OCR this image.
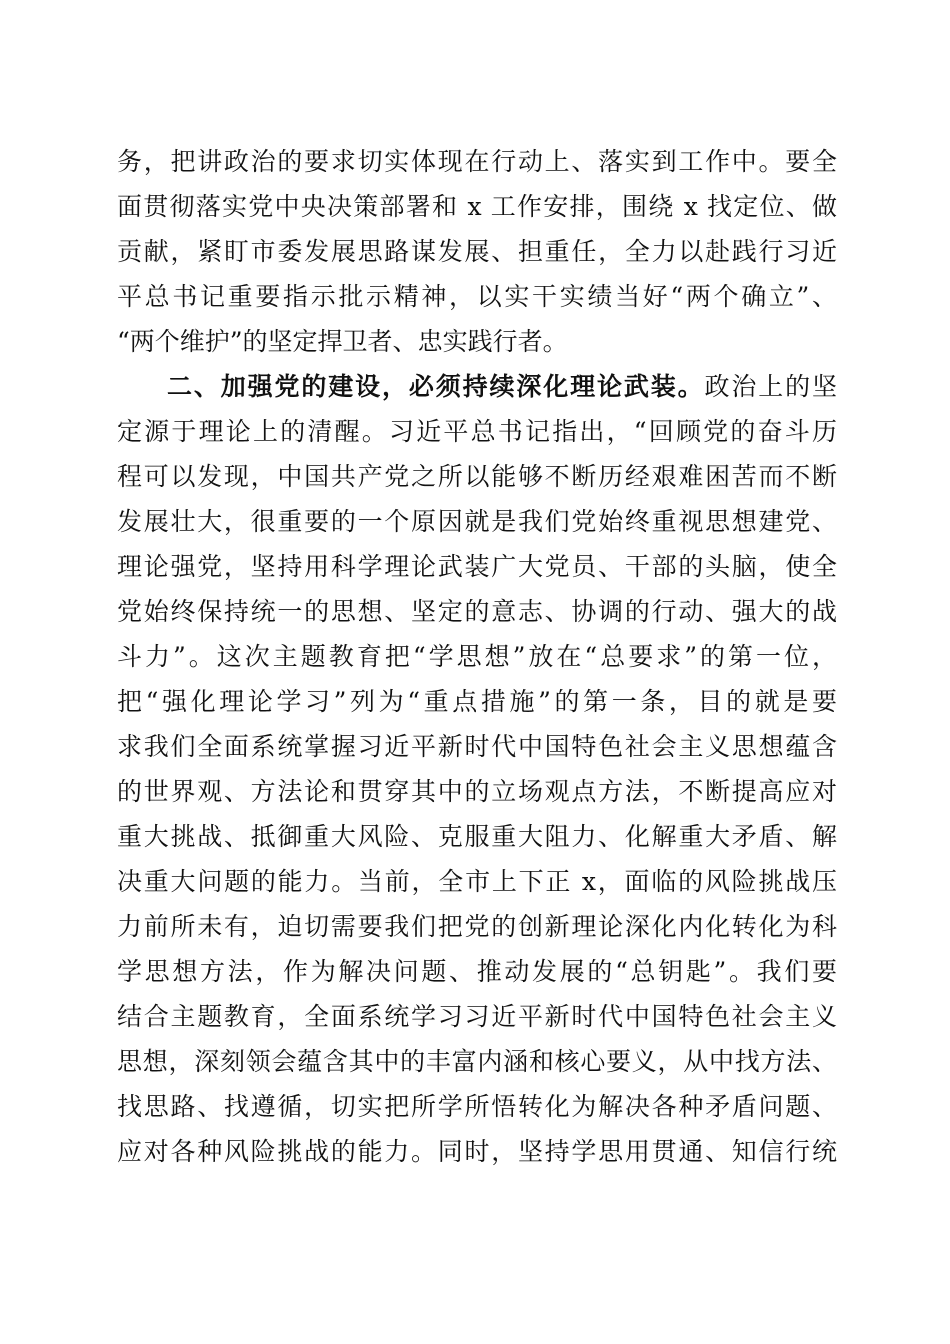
务，把讲政治的要求切实体现在行动上、落实到工作中。要全
面贯彻落实党中央决策部署和 x 工作安排，围绕 x 找定位、做
贡献，紧盯市委发展思路谋发展、担重任，全力以赴践行习近
平总书记重要指示批示精神，以实干实绩当好“两个确立”、
“两个维护”的坚定捍卫者、忠实践行者。
二、加强党的建设，必须持续深化理论武装。政治上的坚
定源于理论上的清醒。习近平总书记指出，“回顾党的奋斗历
程可以发现，中国共产党之所以能够不断历经艰难困苦而不断
发展壮大，很重要的一个原因就是我们党始终重视思想建党、
理论强党，坚持用科学理论武装广大党员、干部的头脑，使全
党始终保持统一的思想、坚定的意志、协调的行动、强大的战
斗力”。这次主题教育把“学思想”放在“总要求”的第一位，
把“强化理论学习”列为“重点措施”的第一条，目的就是要
求我们全面系统掌握习近平新时代中国特色社会主义思想蕴含
的世界观、方法论和贯穿其中的立场观点方法，不断提高应对
重大挑战、抵御重大风险、克服重大阻力、化解重大矛盾、解
决重大问题的能力。当前，全市上下正 x，面临的风险挑战压
力前所未有，迫切需要我们把党的创新理论深化内化转化为科
学思想方法，作为解决问题、推动发展的“总钥匙”。我们要
结合主题教育，全面系统学习习近平新时代中国特色社会主义
思想，深刻领会蕴含其中的丰富内涵和核心要义，从中找方法、
找思路、找遵循，切实把所学所悟转化为解决各种矛盾问题、
应对各种风险挑战的能力。同时，坚持学思用贯通、知信行统
